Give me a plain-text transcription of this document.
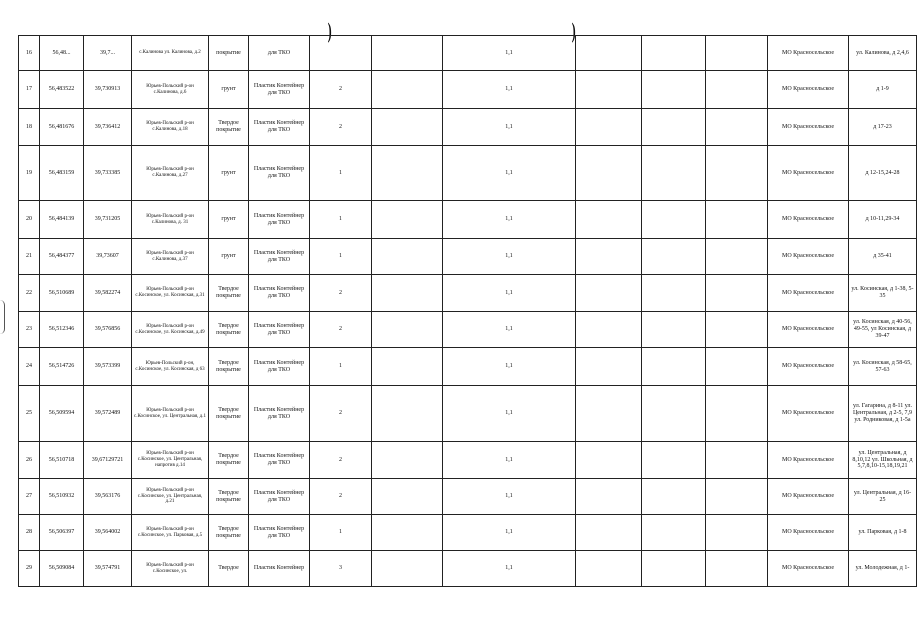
)	)
16	56,48...	39,7...	с.Калинова ул. Калинова, д.2	покрытие	для ТКО			1,1				МО Красносельское	ул. Калинова, д 2,4,6
17	56,483522	39,730913	Юрьев-Польский р-он с.Калинова, д.6	грунт	Пластик Контейнер для ТКО	2		1,1				МО Красносельское	д 1-9
18	56,481676	39,736412	Юрьев-Польский р-он с.Калинова, д.18	Твердое покрытие	Пластик Контейнер для ТКО	2		1,1				МО Красносельское	д 17-23
19	56,483159	39,733385	Юрьев-Польский р-он с.Калинова, д.27	грунт	Пластик Контейнер для ТКО	1		1,1				МО Красносельское	д 12-15,24-28
20	56,484139	39,731205	Юрьев-Польский р-он с.Калинова, д. 31	грунт	Пластик Контейнер для ТКО	1		1,1				МО Красносельское	д 10-11,29-34
21	56,484377	39,73607	Юрьев-Польский р-он с.Калинова, д.37	грунт	Пластик Контейнер для ТКО	1		1,1				МО Красносельское	д 35-41
22	56,510689	39,582274	Юрьев-Польский р-он с.Косинское, ул. Косинская, д.31	Твердое покрытие	Пластик Контейнер для ТКО	2		1,1				МО Красносельское	ул. Косинская, д 1-38, 5-35
23	56,512346	39,576856	Юрьев-Польский р-он с.Косинское, ул. Косинская, д.49	Твердое покрытие	Пластик Контейнер для ТКО	2		1,1				МО Красносельское	ул. Косинская, д 40-56, 49-55, ул Косинская, д 39-47
24	56,514726	39,573399	Юрьев-Польский р-он, с.Косинское, ул. Косинская, д 63	Твердое покрытие	Пластик Контейнер для ТКО	1		1,1				МО Красносельское	ул. Косинская, д 58-65, 57-63
25	56,509594	39,572489	Юрьев-Польский р-он с.Косинское, ул. Центральная, д.1	Твердое покрытие	Пластик Контейнер для ТКО	2		1,1				МО Красносельское	ул. Гагарина, д 8-11 ул. Центральная, д 2-5, 7,9 ул. Родниковая, д 1-5а
26	56,510718	39,67129721	Юрьев-Польский р-он с.Косинское, ул. Центральная, напротив д.14	Твердое покрытие	Пластик Контейнер для ТКО	2		1,1				МО Красносельское	ул. Центральная, д 8,10,12 ул. Школьная, д 5,7,8,10-15,18,19,21
27	56,510932	39,563176	Юрьев-Польский р-он с.Косинское, ул. Центральная, д.21	Твердое покрытие	Пластик Контейнер для ТКО	2		1,1				МО Красносельское	ул. Центральная, д 16-25
28	56,506397	39,564002	Юрьев-Польский р-он с.Косинское, ул. Парковая, д.5	Твердое покрытие	Пластик Контейнер для ТКО	1		1,1				МО Красносельское	ул. Парковая, д 1-8
29	56,509084	39,574791	Юрьев-Польский р-он с.Косинское, ул.	Твердое	Пластик Контейнер	3		1,1				МО Красносельское	ул. Молодежная, д 1-
